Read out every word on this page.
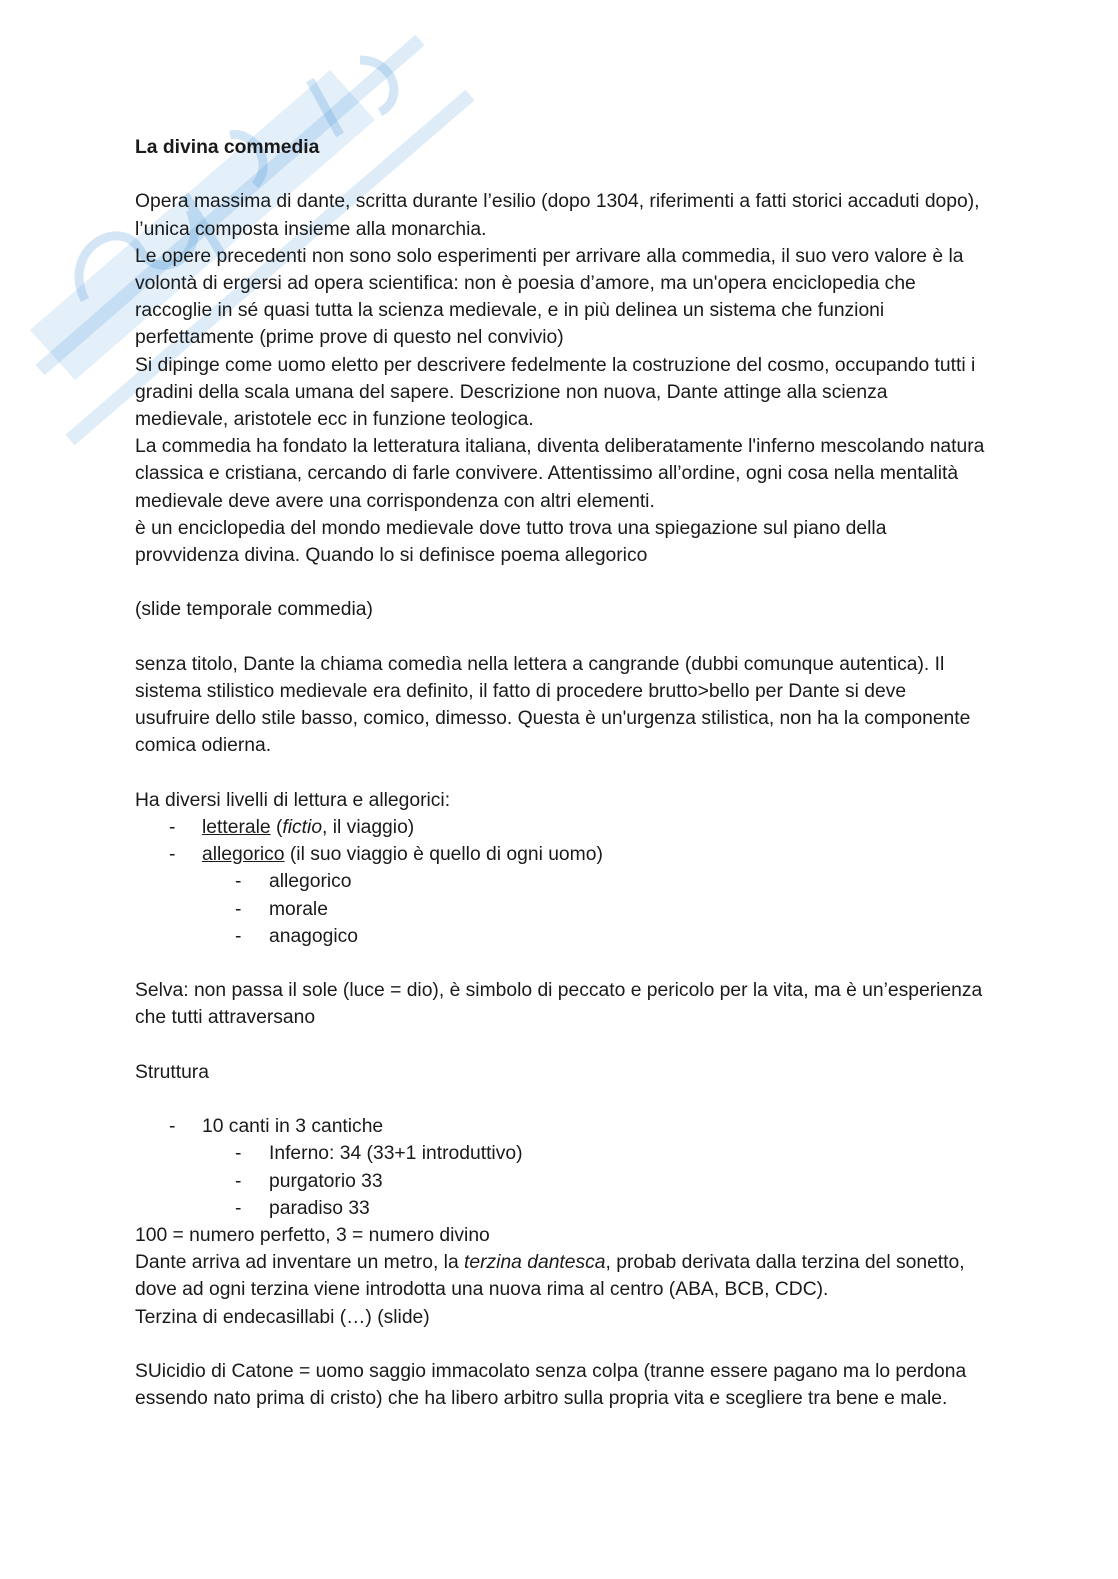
La divina commedia

Opera massima di dante, scritta durante l’esilio (dopo 1304, riferimenti a fatti storici accaduti dopo), l’unica composta insieme alla monarchia.

Le opere precedenti non sono solo esperimenti per arrivare alla commedia, il suo vero valore è la volontà di ergersi ad opera scientifica: non è poesia d’amore, ma un'opera enciclopedia che raccoglie in sé quasi tutta la scienza medievale, e in più delinea un sistema che funzioni perfettamente (prime prove di questo nel convivio)

Si dipinge come uomo eletto per descrivere fedelmente la costruzione del cosmo, occupando tutti i gradini della scala umana del sapere. Descrizione non nuova, Dante attinge alla scienza medievale, aristotele ecc in funzione teologica.

La commedia ha fondato la letteratura italiana, diventa deliberatamente l'inferno mescolando natura classica e cristiana, cercando di farle convivere. Attentissimo all’ordine, ogni cosa nella mentalità medievale deve avere una corrispondenza con altri elementi.

è un enciclopedia del mondo medievale dove tutto trova una spiegazione sul piano della provvidenza divina. Quando lo si definisce poema allegorico

(slide temporale commedia)

senza titolo, Dante la chiama comedìa nella lettera a cangrande (dubbi comunque autentica). Il sistema stilistico medievale era definito, il fatto di procedere brutto>bello per Dante si deve usufruire dello stile basso, comico, dimesso. Questa è un'urgenza stilistica, non ha la componente comica odierna.

Ha diversi livelli di lettura e allegorici:

- letterale (fictio, il viaggio)
- allegorico (il suo viaggio è quello di ogni uomo)
- allegorico
- morale
- anagogico

Selva: non passa il sole (luce = dio), è simbolo di peccato e pericolo per la vita, ma è un’esperienza che tutti attraversano

Struttura

- 10 canti in 3 cantiche
- Inferno: 34 (33+1 introduttivo)
- purgatorio 33
- paradiso 33

100 = numero perfetto, 3 = numero divino

Dante arriva ad inventare un metro, la terzina dantesca, probab derivata dalla terzina del sonetto, dove ad ogni terzina viene introdotta una nuova rima al centro (ABA, BCB, CDC).

Terzina di endecasillabi (…) (slide)

SUicidio di Catone = uomo saggio immacolato senza colpa (tranne essere pagano ma lo perdona essendo nato prima di cristo) che ha libero arbitro sulla propria vita e scegliere tra bene e male.
